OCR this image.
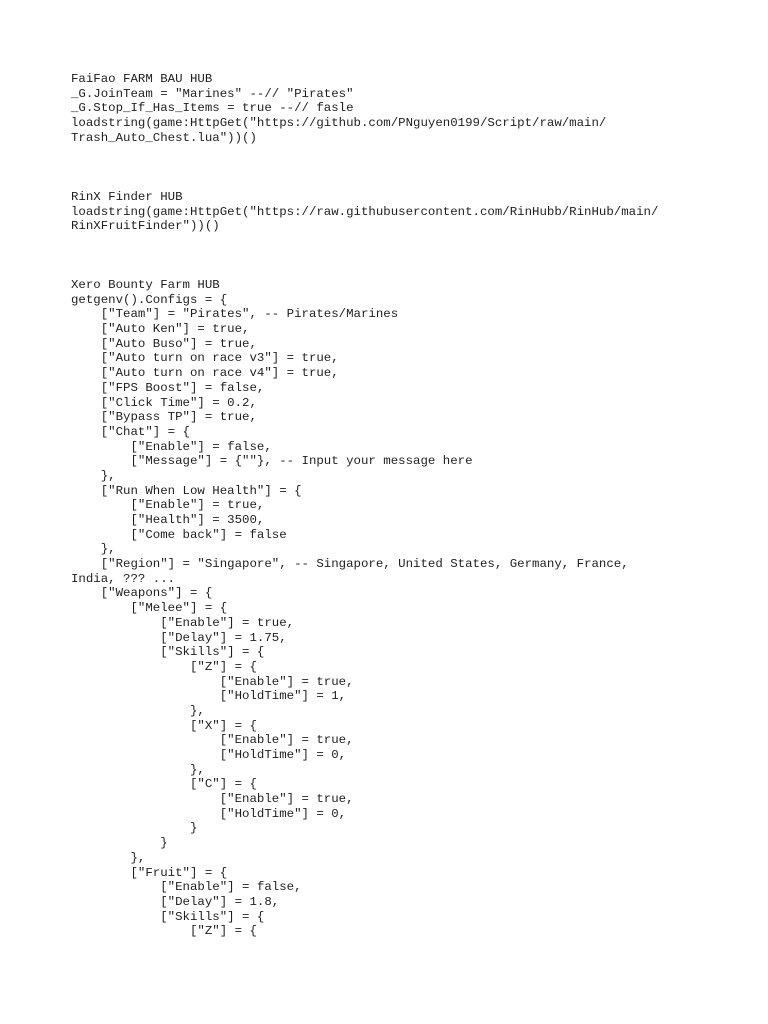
FaiFao FARM BAU HUB
_G.JoinTeam = "Marines" --// "Pirates"
_G.Stop_If_Has_Items = true --// fasle
loadstring(game:HttpGet("https://github.com/PNguyen0199/Script/raw/main/
Trash_Auto_Chest.lua"))()
RinX Finder HUB
loadstring(game:HttpGet("https://raw.githubusercontent.com/RinHubb/RinHub/main/
RinXFruitFinder"))()
Xero Bounty Farm HUB
getgenv().Configs = {
["Team"] = "Pirates", -- Pirates/Marines
["Auto Ken"] = true,
["Auto Buso"] = true,
["Auto turn on race v3"] = true,
["Auto turn on race v4"] = true,
["FPS Boost"] = false,
["Click Time"] = 0.2,
["Bypass TP"] = true,
["Chat"] = {
["Enable"] = false,
["Message"] = {""}, -- Input your message here
},
["Run When Low Health"] = {
["Enable"] = true,
["Health"] = 3500,
["Come back"] = false
},
["Region"] = "Singapore", -- Singapore, United States, Germany, France,
India, ??? ...
["Weapons"] = {
["Melee"] = {
["Enable"] = true,
["Delay"] = 1.75,
["Skills"] = {
["Z"] = {
["Enable"] = true,
["HoldTime"] = 1,
},
["X"] = {
["Enable"] = true,
["HoldTime"] = 0,
},
["C"] = {
["Enable"] = true,
["HoldTime"] = 0,
}
}
},
["Fruit"] = {
["Enable"] = false,
["Delay"] = 1.8,
["Skills"] = {
["Z"] = {
